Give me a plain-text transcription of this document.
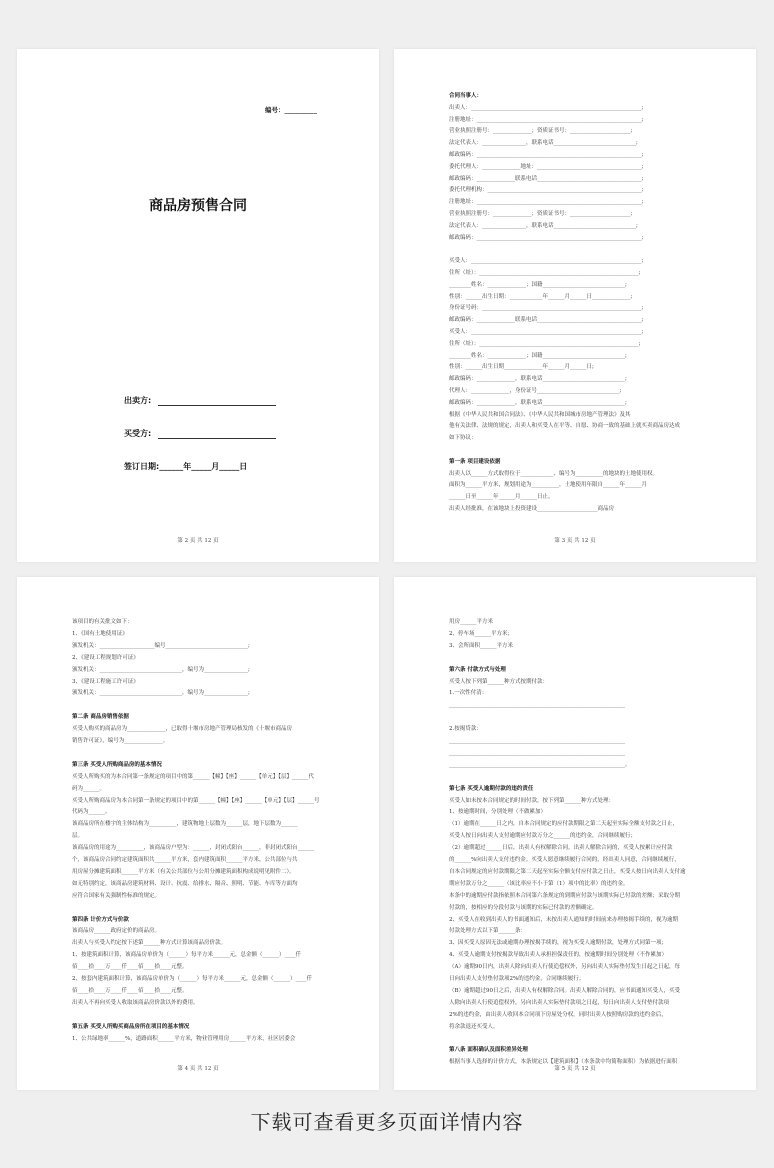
编号：__________
商品房预售合同
出卖方:
买受方:
签订日期:______年_____月_____日
第 2 页 共 12 页
合同当事人：
出卖人：______________________________________________________________;
注册地址：____________________________________________________________;
营业执照注册号：______________；资质证书号：______________________;
法定代表人：________________，联系电话______________________________;
邮政编码：____________________________________________________________;
委托代理人：______________地址：______________________________________;
邮政编码：______________联系电话______________________________________;
委托代理机构：________________________________________________________;
注册地址：____________________________________________________________;
营业执照注册号：______________；资质证书号：______________________;
法定代表人：________________，联系电话______________________________;
邮政编码：____________________________________________________________;
买受人：______________________________________________________________;
住所（址）：__________________________________________________________;
________姓名：______________；国籍______________________________;
性别：______出生日期：____________年______月______日______________;
身份证号码：__________________________________________________________;
邮政编码：______________联系电话______________________________________;
买受人：______________________________________________________________;
住所（址）：__________________________________________________________;
________姓名：______________；国籍______________________________;
性别：______出生日期______________年______月______日;
邮政编码：______________，联系电话______________________________;
代理人：______________，身份证号______________________________;
邮政编码：______________，联系电话______________________________;
根据《中华人民共和国合同法》、《中华人民共和国城市房地产管理法》及其
他有关法律、法规的规定，出卖人和买受人在平等、自愿、协商一致的基础上就买卖商品房达成
如下协议：
第一条 项目建设依据
出卖人以______方式取得位于____________、编号为__________的地块的土地使用权。
面积为______平方米，规划用途为__________，土地使用年限自______年______月
______日至______年______月______日止。
出卖人经批准，在该地块上投资建设______________________商品房
第 3 页 共 12 页
该项目的有关批文如下：
1、《国有土地使用证》
颁发机关：____________________编号______________________________;
2、《建设工程规划许可证》
颁发机关：______________________________，编号为________________;
3、《建设工程施工许可证》
颁发机关：______________________________，编号为________________;
第二条 商品房销售依据
买受人购买的商品房为______________，已取得十堰市房地产管理局核发的《十堰市商品房
销售许可证》，编号为______________。
第三条 买受人所购商品房的基本情况
买受人所购买的为本合同第一条规定的项目中的第______【幢】【座】______【单元】【层】______代
码为______。
买受人所购商品房为本合同第一条规定的项目中的第______【幢】【座】______【单元】【层】______号
代码为______。
该商品房所在楼宇的主体结构为__________，建筑物地上层数为______层，地下层数为______
层。
该商品房的用途为__________，该商品房户型为：______，封闭式阳台______，非封闭式阳台______
个，该商品房合同约定建筑面积共______平方米，套内建筑面积______平方米，公共部位与共
用房屋分摊建筑面积______平方米（有关公共部位与公用分摊建筑面积构成说明见附件二）。
如无特别约定，该商品房建筑材料、设计、抗震、给排水、隔音、照明、节能、车库等方面均
应符合国家有关强制性标准的规定。
第四条 计价方式与价款
该商品房______政府定价的商品房。
出卖人与买受人约定按下述第______种方式计算该商品房价款。
1、按建筑面积计算，该商品房单价为（______）每平方米______元，总金额（______）____仟
佰____拾____万____仟____佰____拾____元整。
2、按套内建筑面积计算，该商品房单价为（______）每平方米______元，总金额（______）____仟
佰____拾____万____仟____佰____拾____元整。
出卖人不再向买受人收取该商品房价款以外的费用。
第五条 买受人所购买商品房所在项目的基本情况
1、公共绿地率______%，道路面积______平方米，物业管理用房______平方米，社区居委会
第 4 页 共 12 页
用房______平方米
2、停车场______平方米；
3、会所面积______平方米
第六条 付款方式与处理
买受人按下列第______种方式按期付款：
1.一次性付清：
________________________________________________________________
2.按揭贷款：
________________________________________________________________
________________________________________________________________
________________________________________________________________。
第七条 买受人逾期付款的违约责任
买受人如未按本合同规定的时间付款，按下列第______种方式处理：
1、按逾期时间，分别处理（不做累加）
（1）逾期在______日之内，自本合同规定的应付款期限之第二天起至实际全额支付款之日止，
买受人按日向出卖人支付逾期应付款万分之______的违约金，合同继续履行；
（2）逾期超过______日后，出卖人有权解除合同。出卖人解除合同的，买受人按累计应付款
的______%向出卖人支付违约金。买受人愿意继续履行合同的，经出卖人同意，合同继续履行，
自本合同规定的应付款期限之第二天起至实际全额支付应付款之日止，买受人按日向出卖人支付逾
期应付款万分之______（该比率应不小于第（1）项中的比率）的违约金。
本条中的逾期应付款指依照本合同第六条规定的到期应付款与该期实际已付款的差额；采取分期
付款的，按相应的分段付款与该期的实际已付款的差额确定。
2、买受人在收到出卖人的书面通知后，未按出卖人通知的时间前来办理按揭手续的，视为逾期
付款处理方式以下第______条：
3、因买受人原因无法或逾期办理按揭手续的，视为买受人逾期付款，处理方式同第一项；
4、买受人逾期支付按揭款导致出卖人承担担保责任的，按逾期时间分别处理（不作累加）
（A）逾期90日内，出卖人除向出卖人行使追偿权外，另向出卖人实际垫付发生日起之日起，每
日向出卖人支付垫付款项2%的违约金，合同继续履行；
（B）逾期超过90日之后，出卖人有权解除合同。出卖人解除合同的，应书面通知买受人，买受
人除向出卖人行使追偿权外，另向出卖人实际垫付款项之日起，每日向出卖人支付垫付款项
2%的违约金，由出卖人收回本合同项下房屋处分权。同时出卖人按照购房款的违约金后，
将余款退还买受人。
第八条 面积确认及面积差异处理
根据当事人选择的计价方式，本条规定以【建筑面积】（本条款中均简称面积）为依据进行面积
第 5 页 共 12 页
下载可查看更多页面详情内容
